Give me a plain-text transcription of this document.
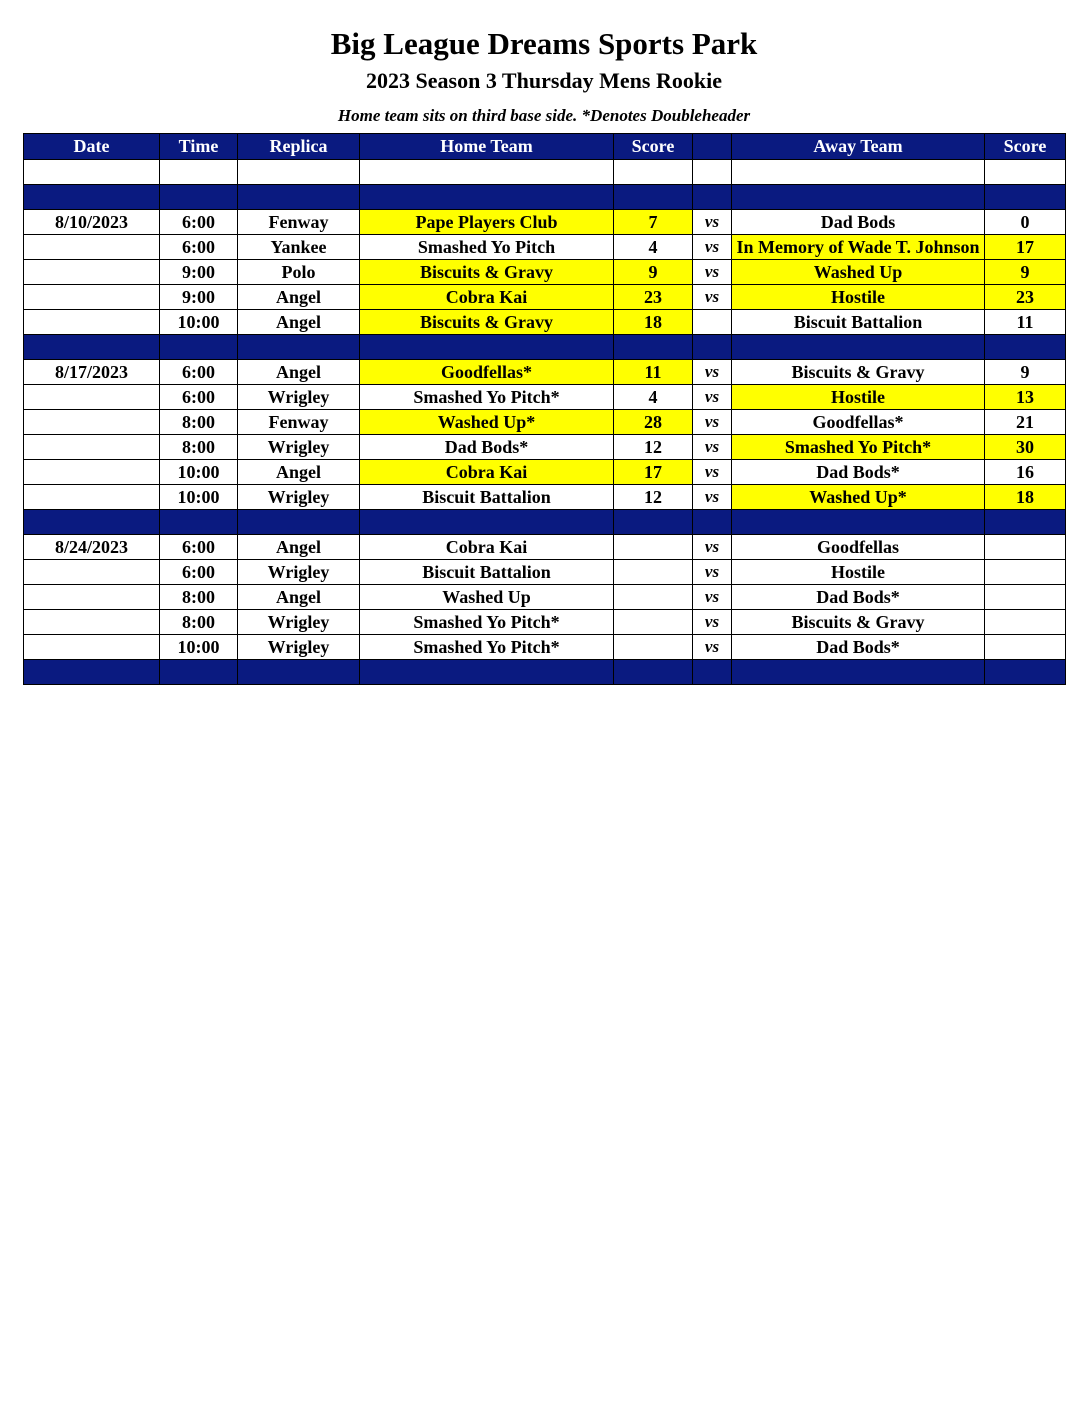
Big League Dreams Sports Park
2023 Season 3 Thursday Mens Rookie
Home team sits on third base side. *Denotes Doubleheader
Date	Time	Replica	Home Team	Score		Away Team	Score

8/10/2023	6:00	Fenway	Pape Players Club	7	vs	Dad Bods	0
	6:00	Yankee	Smashed Yo Pitch	4	vs	In Memory of Wade T. Johnson	17
	9:00	Polo	Biscuits & Gravy	9	vs	Washed Up	9
	9:00	Angel	Cobra Kai	23	vs	Hostile	23
	10:00	Angel	Biscuits & Gravy	18		Biscuit Battalion	11

8/17/2023	6:00	Angel	Goodfellas*	11	vs	Biscuits & Gravy	9
	6:00	Wrigley	Smashed Yo Pitch*	4	vs	Hostile	13
	8:00	Fenway	Washed Up*	28	vs	Goodfellas*	21
	8:00	Wrigley	Dad Bods*	12	vs	Smashed Yo Pitch*	30
	10:00	Angel	Cobra Kai	17	vs	Dad Bods*	16
	10:00	Wrigley	Biscuit Battalion	12	vs	Washed Up*	18

8/24/2023	6:00	Angel	Cobra Kai		vs	Goodfellas	
	6:00	Wrigley	Biscuit Battalion		vs	Hostile	
	8:00	Angel	Washed Up		vs	Dad Bods*	
	8:00	Wrigley	Smashed Yo Pitch*		vs	Biscuits & Gravy	
	10:00	Wrigley	Smashed Yo Pitch*		vs	Dad Bods*	
